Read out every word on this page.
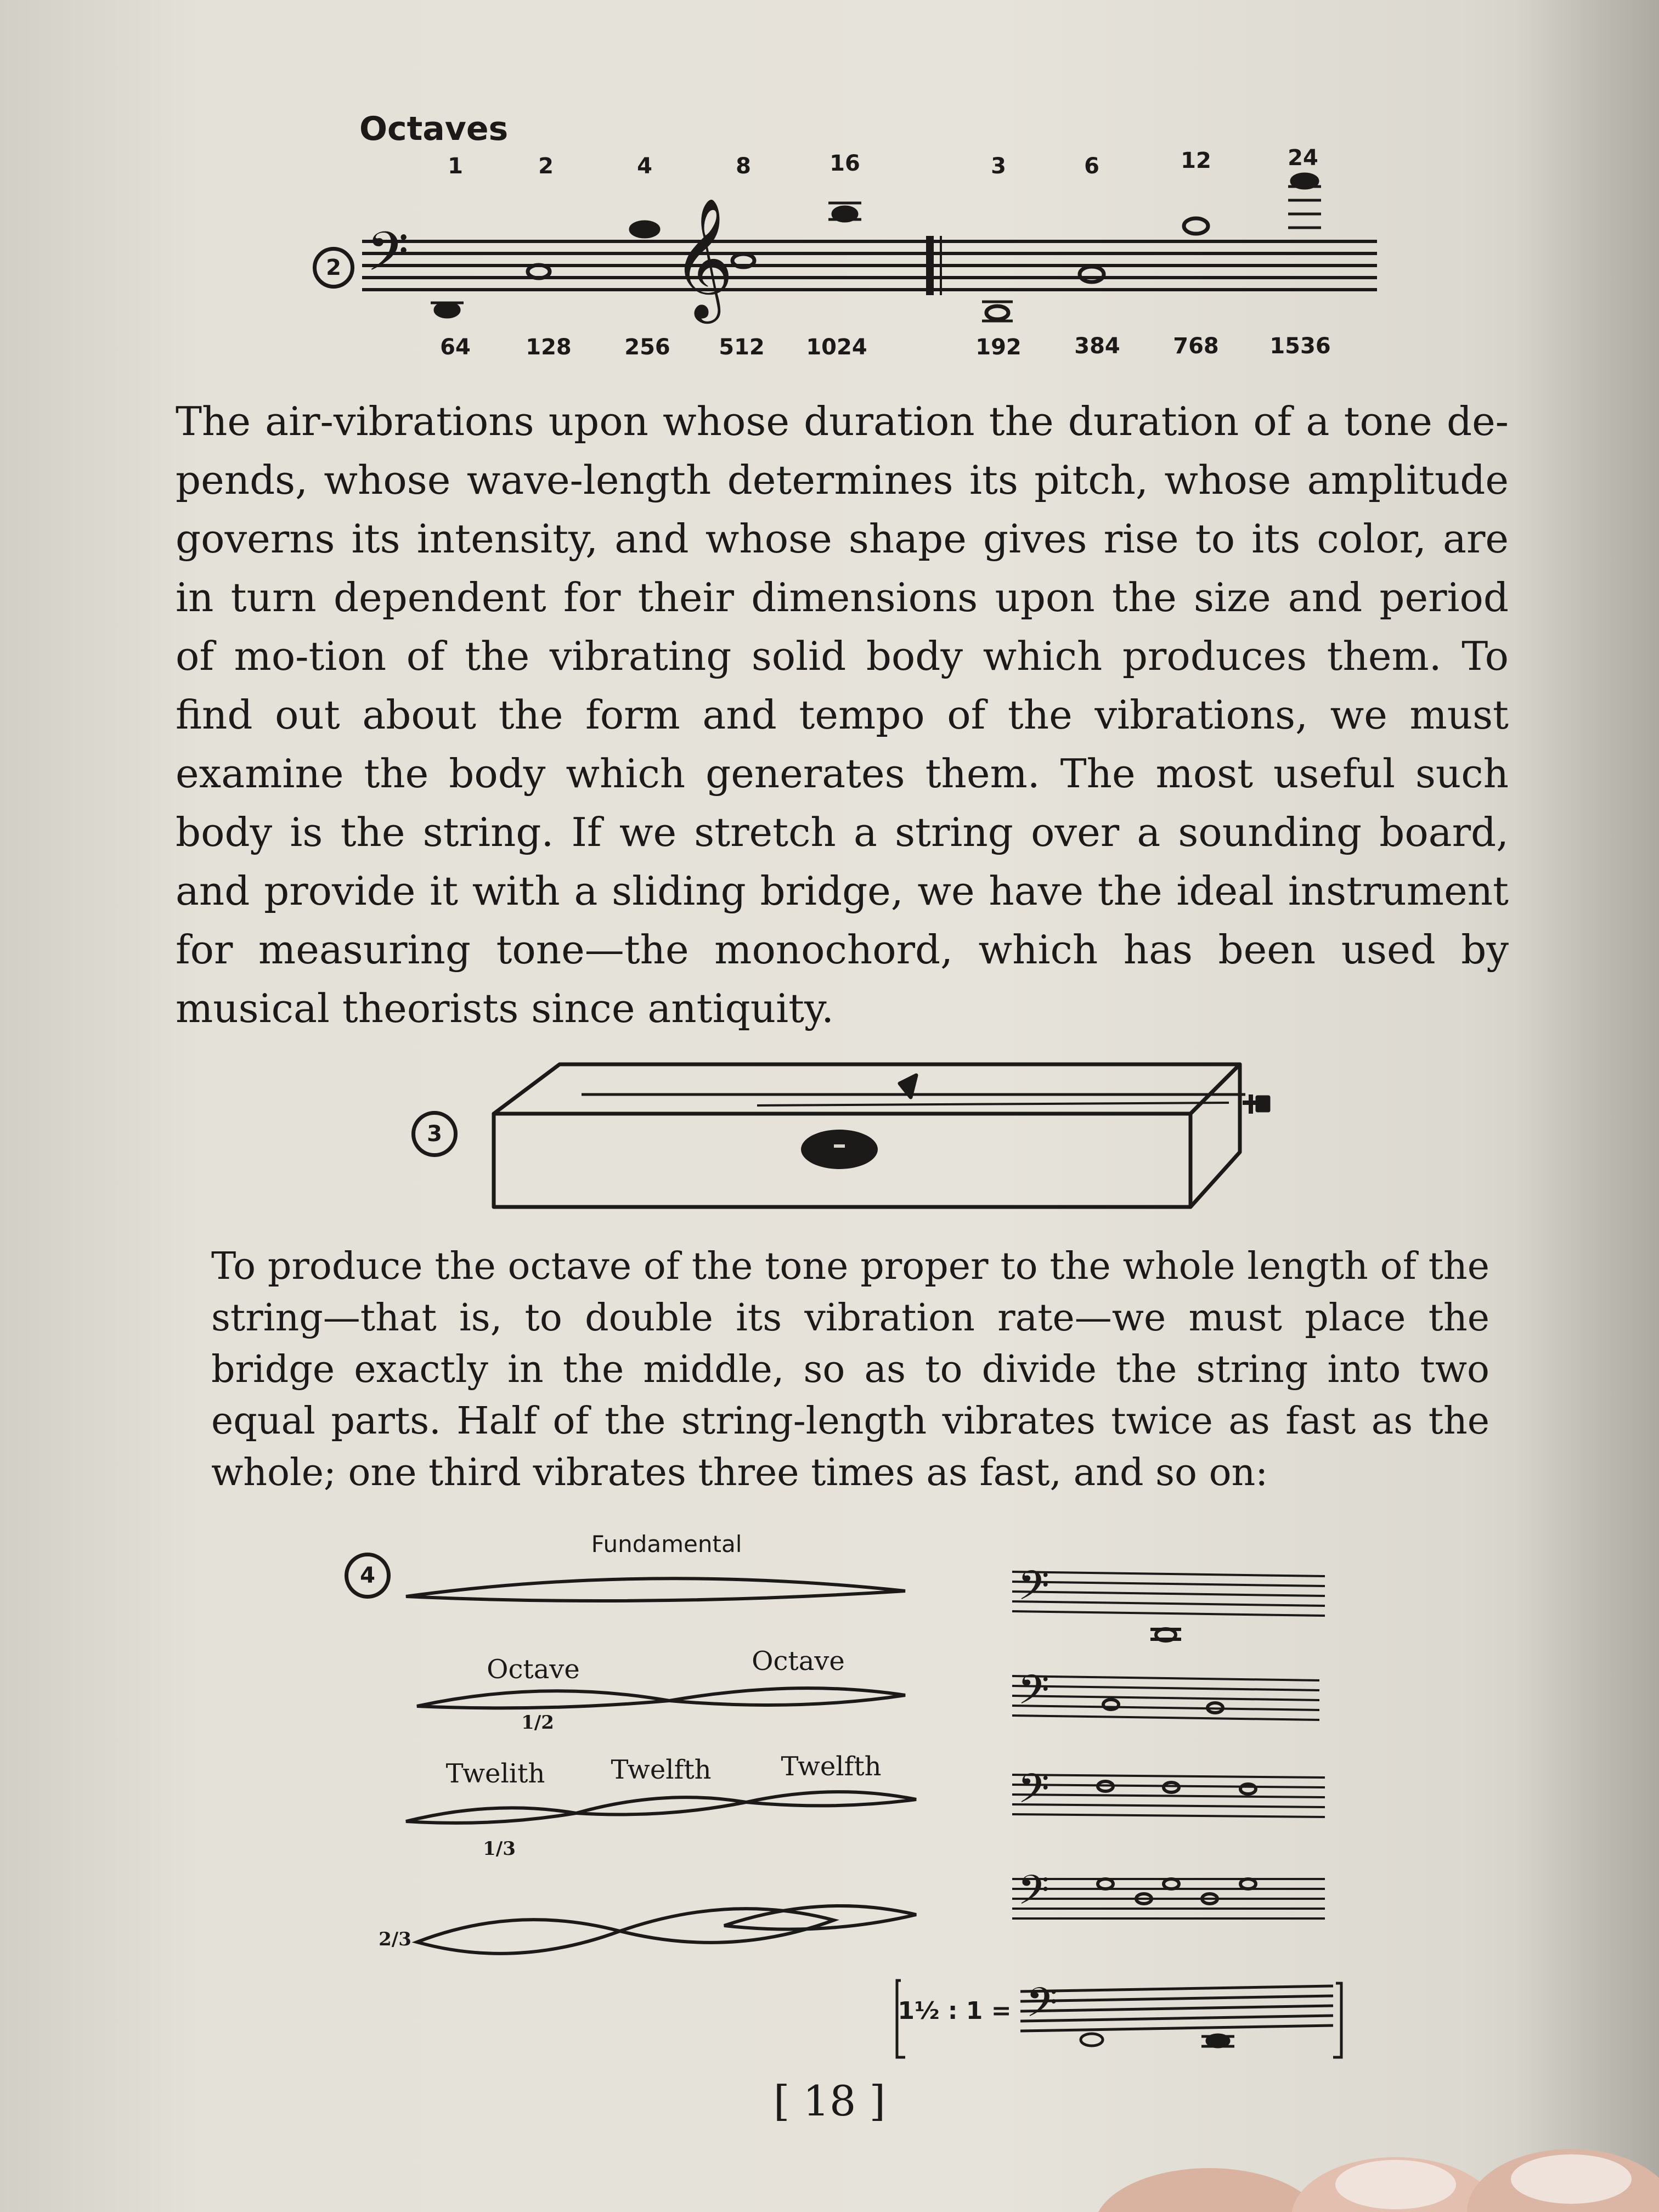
Octaves
1	2	4	8	16	3	6	12	24
𝄢	𝄞
2
64	128 256 512 1024	192 384 768 1536
The air-vibrations upon whose duration the duration of a tone de-pends, whose wave-length determines its pitch, whose amplitude governs its intensity, and whose shape gives rise to its color, are in turn dependent for their dimensions upon the size and period of mo-tion of the vibrating solid body which produces them. To find out about the form and tempo of the vibrations, we must examine the body which generates them. The most useful such body is the string. If we stretch a string over a sounding board, and provide it with a sliding bridge, we have the ideal instrument for measuring tone—the monochord, which has been used by musical theorists since antiquity.
3
To produce the octave of the tone proper to the whole length of the string—that is, to double its vibration rate—we must place the bridge exactly in the middle, so as to divide the string into two equal parts. Half of the string-length vibrates twice as fast as the whole; one third vibrates three times as fast, and so on:
4
Fundamental
Octave	Octave
Twelith	Twelfth	Twelfth
1/2
1/3
2/3
1½ : 1 =
𝄢
𝄢
𝄢
𝄢
𝄢
[ 18 ]
